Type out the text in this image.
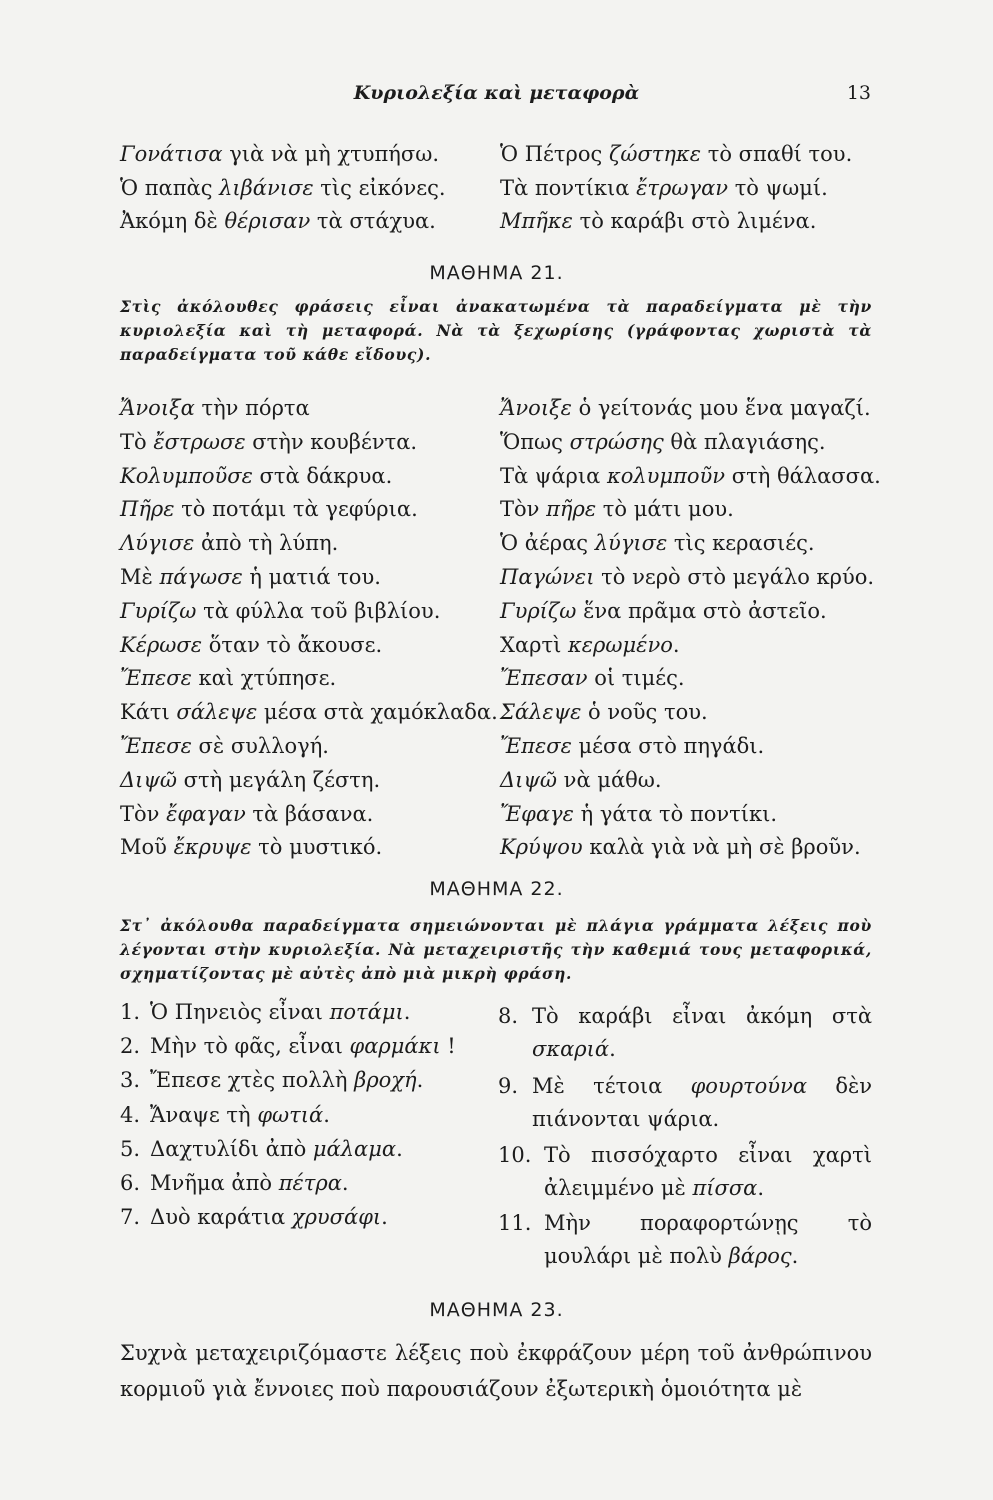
Κυριολεξία καὶ μεταφορὰ	13
Γονάτισα γιὰ νὰ μὴ χτυπήσω.	Ὁ Πέτρος ζώστηκε τὸ σπαθί του.
Ὁ παπὰς λιβάνισε τὶς εἰκόνες.	Τὰ ποντίκια ἔτρωγαν τὸ ψωμί.
Ἀκόμη δὲ θέρισαν τὰ στάχυα.	Μπῆκε τὸ καράβι στὸ λιμένα.
ΜΑΘΗΜΑ 21.
Στὶς ἀκόλουθες φράσεις εἶναι ἀνακατωμένα τὰ παραδείγματα μὲ τὴν κυριολεξία καὶ τὴ μεταφορά. Νὰ τὰ ξεχωρίσης (γράφοντας χωριστὰ τὰ παραδείγματα τοῦ κάθε εἴδους).
Ἄνοιξα τὴν πόρτα	Ἄνοιξε ὁ γείτονάς μου ἕνα μαγαζί.
Τὸ ἔστρωσε στὴν κουβέντα.	Ὅπως στρώσης θὰ πλαγιάσης.
Κολυμποῦσε στὰ δάκρυα.	Τὰ ψάρια κολυμποῦν στὴ θάλασσα.
Πῆρε τὸ ποτάμι τὰ γεφύρια.	Τὸν πῆρε τὸ μάτι μου.
Λύγισε ἀπὸ τὴ λύπη.	Ὁ ἀέρας λύγισε τὶς κερασιές.
Μὲ πάγωσε ἡ ματιά του.	Παγώνει τὸ νερὸ στὸ μεγάλο κρύο.
Γυρίζω τὰ φύλλα τοῦ βιβλίου.	Γυρίζω ἕνα πρᾶμα στὸ ἀστεῖο.
Κέρωσε ὅταν τὸ ἄκουσε.	Χαρτὶ κερωμένο.
Ἔπεσε καὶ χτύπησε.	Ἔπεσαν οἱ τιμές.
Κάτι σάλεψε μέσα στὰ χαμόκλαδα. Σάλεψε ὁ νοῦς του.
Ἔπεσε σὲ συλλογή.	Ἔπεσε μέσα στὸ πηγάδι.
Διψῶ στὴ μεγάλη ζέστη.	Διψῶ νὰ μάθω.
Τὸν ἔφαγαν τὰ βάσανα.	Ἔφαγε ἡ γάτα τὸ ποντίκι.
Μοῦ ἔκρυψε τὸ μυστικό.	Κρύψου καλὰ γιὰ νὰ μὴ σὲ βροῦν.
ΜΑΘΗΜΑ 22.
Στ᾿ ἀκόλουθα παραδείγματα σημειώνονται μὲ πλάγια γράμματα λέξεις ποὺ λέγονται στὴν κυριολεξία. Νὰ μεταχειριστῆς τὴν καθεμιά τους μεταφορικά, σχηματίζοντας μὲ αὐτὲς ἀπὸ μιὰ μικρὴ φράση.
1. Ὁ Πηνειὸς εἶναι ποτάμι.
2. Μὴν τὸ φᾶς, εἶναι φαρμάκι !
3. Ἔπεσε χτὲς πολλὴ βροχή.
4. Ἄναψε τὴ φωτιά.
5. Δαχτυλίδι ἀπὸ μάλαμα.
6. Μνῆμα ἀπὸ πέτρα.
7. Δυὸ καράτια χρυσάφι.
8. Τὸ καράβι εἶναι ἀκόμη στὰ σκαριά.
9. Μὲ τέτοια φουρτούνα δὲν πιάνονται ψάρια.
10. Τὸ πισσόχαρτο εἶναι χαρτὶ ἀλειμμένο μὲ πίσσα.
11. Μὴν ποραφορτώνῃς τὸ μουλάρι μὲ πολὺ βάρος.
ΜΑΘΗΜΑ 23.
Συχνὰ μεταχειριζόμαστε λέξεις ποὺ ἐκφράζουν μέρη τοῦ ἀνθρώπινου κορμιοῦ γιὰ ἔννοιες ποὺ παρουσιάζουν ἐξωτερικὴ ὁμοιότητα μὲ
